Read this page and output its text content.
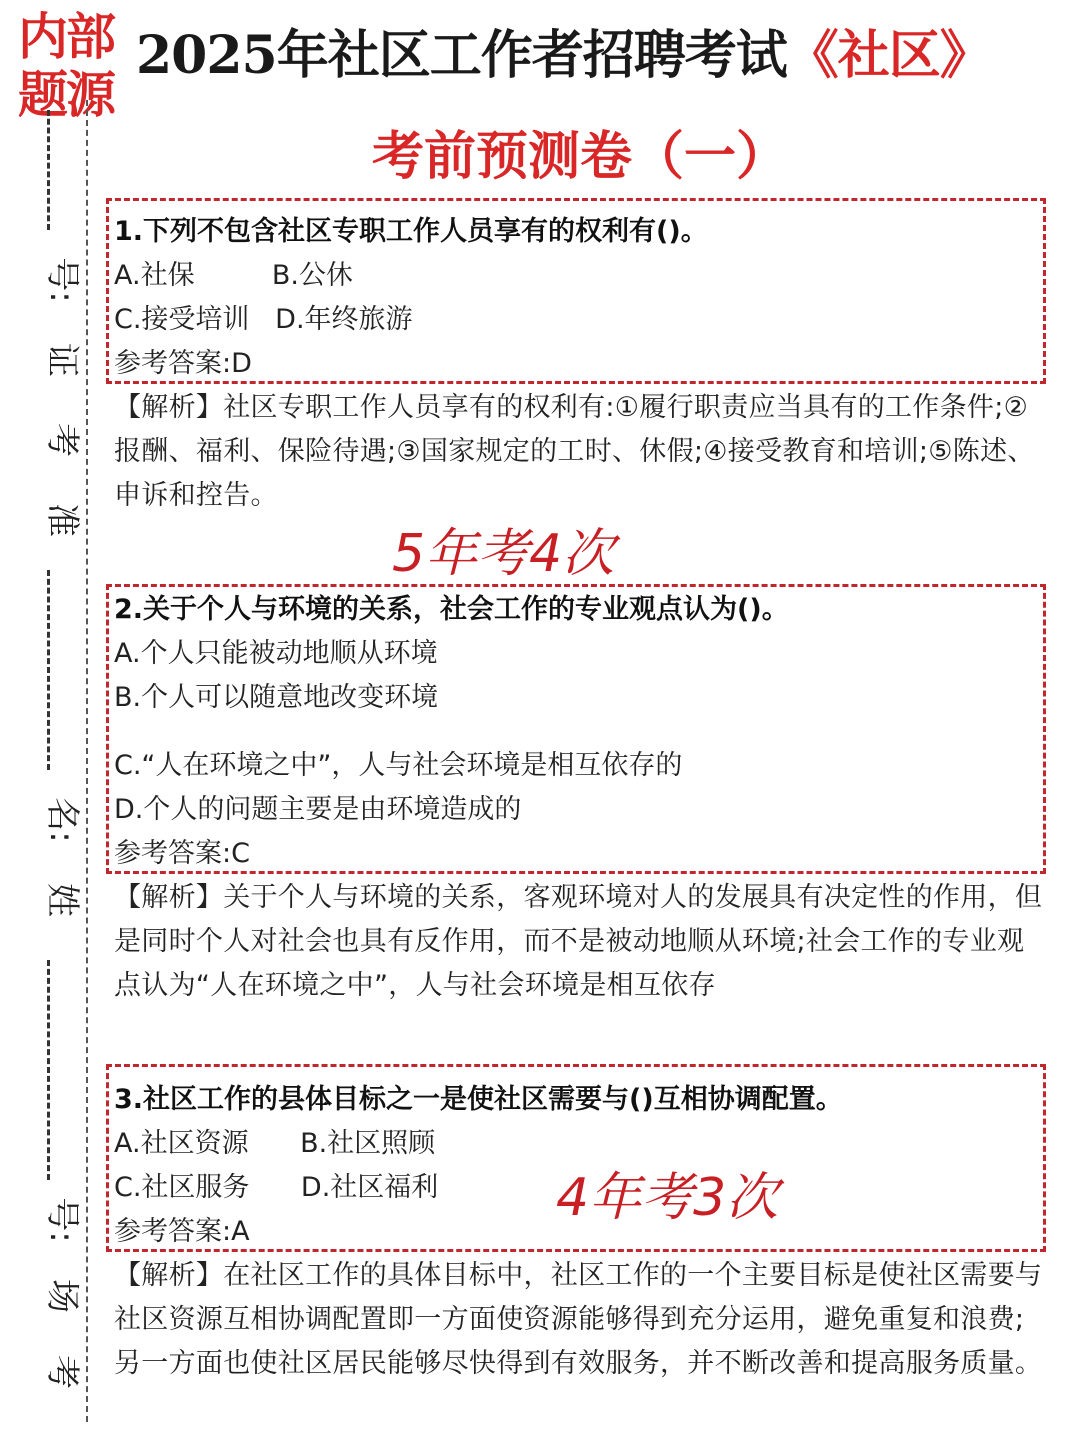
内部
题源
2025年社区工作者招聘考试《社区》
考前预测卷（一）
号:
证
考
准
名:
姓
号:
场
考
1.下列不包含社区专职工作人员享有的权利有()。
A.社保         B.公休
C.接受培训   D.年终旅游
参考答案:D
【解析】社区专职工作人员享有的权利有:①履行职责应当具有的工作条件;②报酬、福利、保险待遇;③国家规定的工时、休假;④接受教育和培训;⑤陈述、申诉和控告。
5年考4次
2.关于个人与环境的关系，社会工作的专业观点认为()。
A.个人只能被动地顺从环境
B.个人可以随意地改变环境
C.“人在环境之中”，人与社会环境是相互依存的
D.个人的问题主要是由环境造成的
参考答案:C
【解析】关于个人与环境的关系，客观环境对人的发展具有决定性的作用，但是同时个人对社会也具有反作用，而不是被动地顺从环境;社会工作的专业观点认为“人在环境之中”，人与社会环境是相互依存
3.社区工作的县体目标之一是使社区需要与()互相协调配置。
A.社区资源      B.社区照顾
C.社区服务      D.社区福利
参考答案:A
4年考3次
【解析】在社区工作的具体目标中，社区工作的一个主要目标是使社区需要与社区资源互相协调配置即一方面使资源能够得到充分运用，避免重复和浪费;另一方面也使社区居民能够尽快得到有效服务，并不断改善和提高服务质量。
